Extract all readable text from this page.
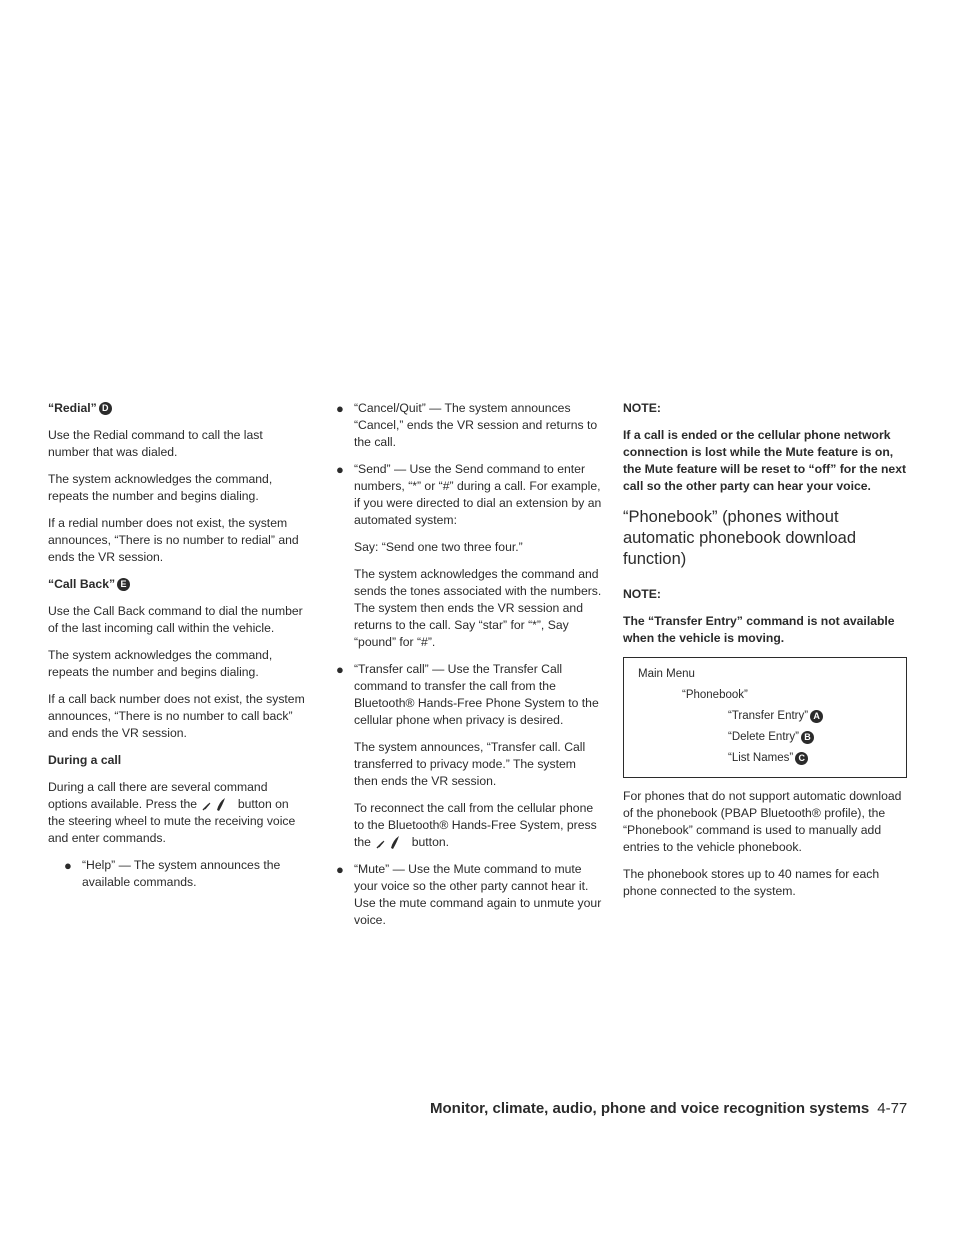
“Redial” D

Use the Redial command to call the last number that was dialed.

The system acknowledges the command, repeats the number and begins dialing.

If a redial number does not exist, the system announces, “There is no number to redial” and ends the VR session.

“Call Back” E

Use the Call Back command to dial the number of the last incoming call within the vehicle.

The system acknowledges the command, repeats the number and begins dialing.

If a call back number does not exist, the system announces, “There is no number to call back” and ends the VR session.

During a call

During a call there are several command options available. Press the	button on the steering wheel to mute the receiving voice and enter commands.

● “Help” — The system announces the available commands.
● “Cancel/Quit” — The system announces “Cancel,” ends the VR session and returns to the call.
● “Send” — Use the Send command to enter numbers, “*” or “#” during a call. For example, if you were directed to dial an extension by an automated system:
Say: “Send one two three four.”
The system acknowledges the command and sends the tones associated with the numbers. The system then ends the VR session and returns to the call. Say “star” for “*”, Say “pound” for “#”.
● “Transfer call” — Use the Transfer Call command to transfer the call from the Bluetooth® Hands-Free Phone System to the cellular phone when privacy is desired.
The system announces, “Transfer call. Call transferred to privacy mode.” The system then ends the VR session.
To reconnect the call from the cellular phone to the Bluetooth® Hands-Free System, press the	button.
● “Mute” — Use the Mute command to mute your voice so the other party cannot hear it. Use the mute command again to unmute your voice.
NOTE:
If a call is ended or the cellular phone network connection is lost while the Mute feature is on, the Mute feature will be reset to “off” for the next call so the other party can hear your voice.
“Phonebook” (phones without automatic phonebook download function)
NOTE:
The “Transfer Entry” command is not available when the vehicle is moving.
Main Menu
“Phonebook”
“Transfer Entry” A
“Delete Entry” B
“List Names” C

For phones that do not support automatic download of the phonebook (PBAP Bluetooth® profile), the “Phonebook” command is used to manually add entries to the vehicle phonebook.

The phonebook stores up to 40 names for each phone connected to the system.

Monitor, climate, audio, phone and voice recognition systems 4-77
